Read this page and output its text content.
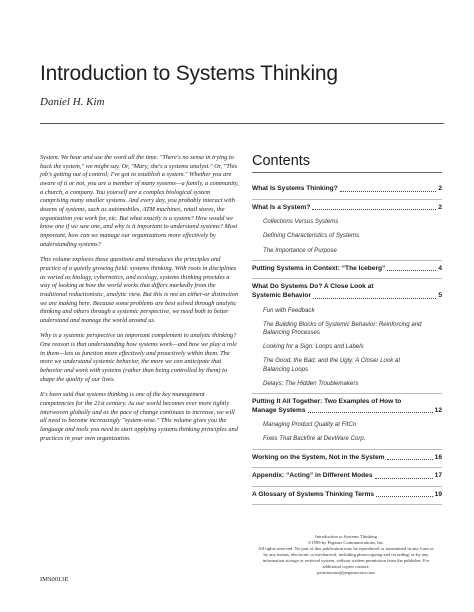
Introduction to Systems Thinking
Daniel H. Kim

System. We hear and use the word all the time. "There's no sense in trying to buck the system," we might say. Or, "Mary, she's a systems analyst." Or, "This job's getting out of control; I've got to establish a system." Whether you are aware of it or not, you are a member of many systems—a family, a community, a church, a company. You yourself are a complex biological system comprising many smaller systems. And every day, you probably interact with dozens of systems, such as automobiles, ATM machines, retail stores, the organization you work for, etc. But what exactly is a system? How would we know one if we saw one, and why is it important to understand systems? Most important, how can we manage our organizations more effectively by understanding systems?

This volume explores these questions and introduces the principles and practice of a quietly growing field: systems thinking. With roots in disciplines as varied as biology, cybernetics, and ecology, systems thinking provides a way of looking at how the world works that differs markedly from the traditional reductionistic, analytic view. But this is not an either-or distinction we are making here. Because some problems are best solved through analytic thinking and others through a systemic perspective, we need both to better understand and manage the world around us.

Why is a systemic perspective an important complement to analytic thinking? One reason is that understanding how systems work—and how we play a role in them—lets us function more effectively and proactively within them. The more we understand systemic behavior, the more we can anticipate that behavior and work with systems (rather than being controlled by them) to shape the quality of our lives.

It's been said that systems thinking is one of the key management competencies for the 21st century. As our world becomes ever more tightly interwoven globally and as the pace of change continues to increase, we will all need to become increasingly "system-wise." This volume gives you the language and tools you need to start applying systems thinking principles and practices in your own organization.

IMS0013E
Contents
What Is Systems Thinking?	2
What Is a System?	2
Collections Versus Systems
Defining Characteristics of Systems
The Importance of Purpose
Putting Systems in Context: “The Iceberg”	4
What Do Systems Do? A Close Look at
Systemic Behavior	5
Fun with Feedback
The Building Blocks of Systemic Behavior: Reinforcing and Balancing Processes
Looking for a Sign: Loops and Labels
The Good, the Bad, and the Ugly: A Closer Look at Balancing Loops
Delays: The Hidden Troublemakers
Putting It All Together: Two Examples of How to
Manage Systems	12
Managing Product Quality at FitCo
Fixes That Backfire at DevWare Corp.
Working on the System, Not in the System	16
Appendix: “Acting” in Different Modes	17
A Glossary of Systems Thinking Terms	19
Introduction to Systems Thinking
©1999 by Pegasus Communications, Inc.
All rights reserved. No part of this publication may be reproduced or transmitted in any form or by any means, electronic or mechanical, including photocopying and recording, or by any information storage or retrieval system, without written permission from the publisher. For additional copies contact:
permissions@pegasuscom.com
